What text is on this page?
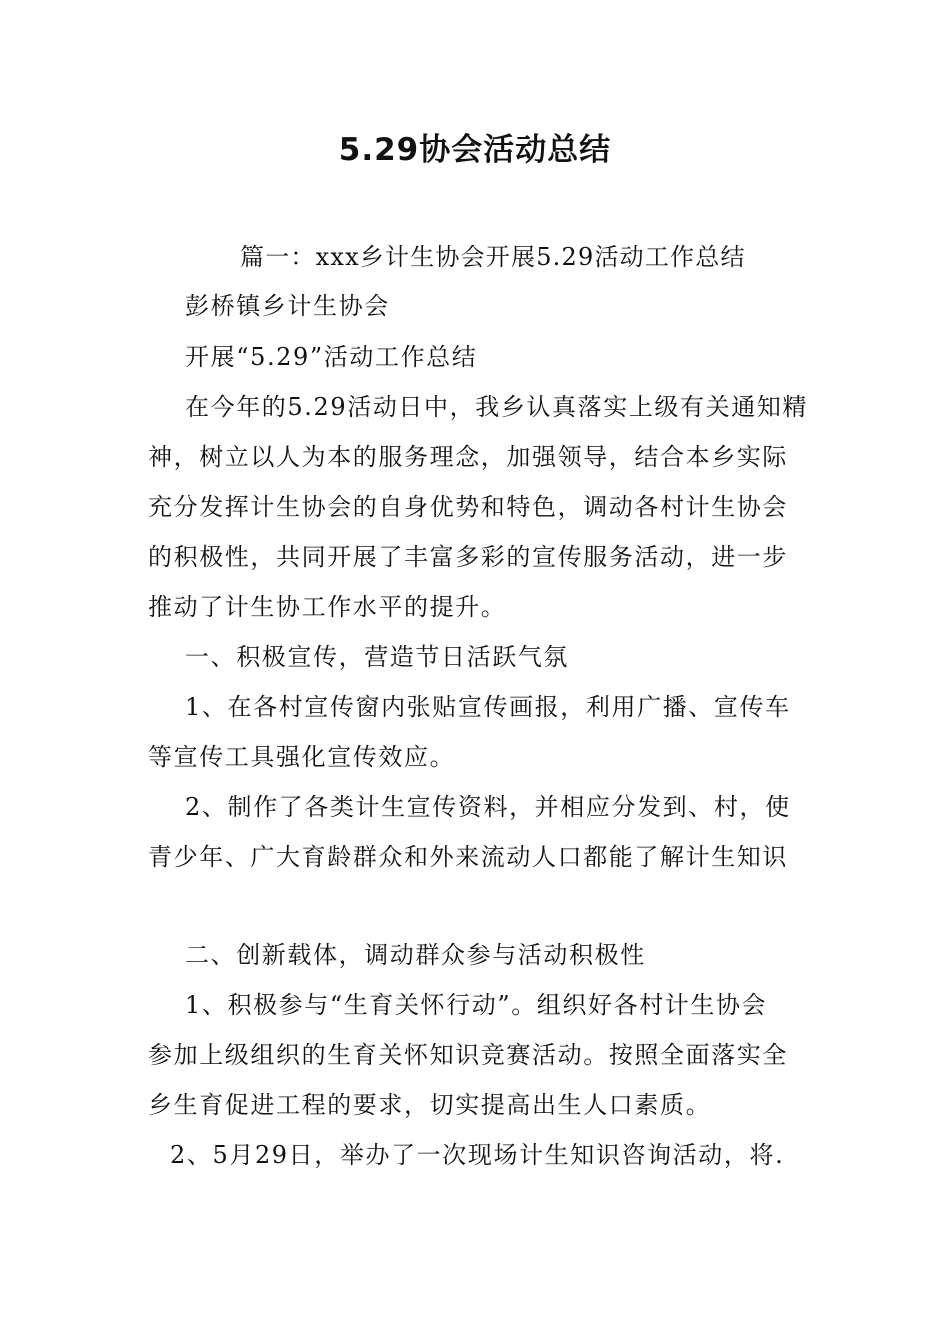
5.29协会活动总结

篇一：xxx乡计生协会开展5.29活动工作总结

彭桥镇乡计生协会

开展“5.29”活动工作总结

在今年的5.29活动日中，我乡认真落实上级有关通知精

神，树立以人为本的服务理念，加强领导，结合本乡实际

充分发挥计生协会的自身优势和特色，调动各村计生协会

的积极性，共同开展了丰富多彩的宣传服务活动，进一步

推动了计生协工作水平的提升。

一、积极宣传，营造节日活跃气氛

1、在各村宣传窗内张贴宣传画报，利用广播、宣传车

等宣传工具强化宣传效应。

2、制作了各类计生宣传资料，并相应分发到、村，使

青少年、广大育龄群众和外来流动人口都能了解计生知识

二、创新载体，调动群众参与活动积极性

1、积极参与“生育关怀行动”。组织好各村计生协会

参加上级组织的生育关怀知识竞赛活动。按照全面落实全

乡生育促进工程的要求，切实提高出生人口素质。

2、5月29日，举办了一次现场计生知识咨询活动，将.
